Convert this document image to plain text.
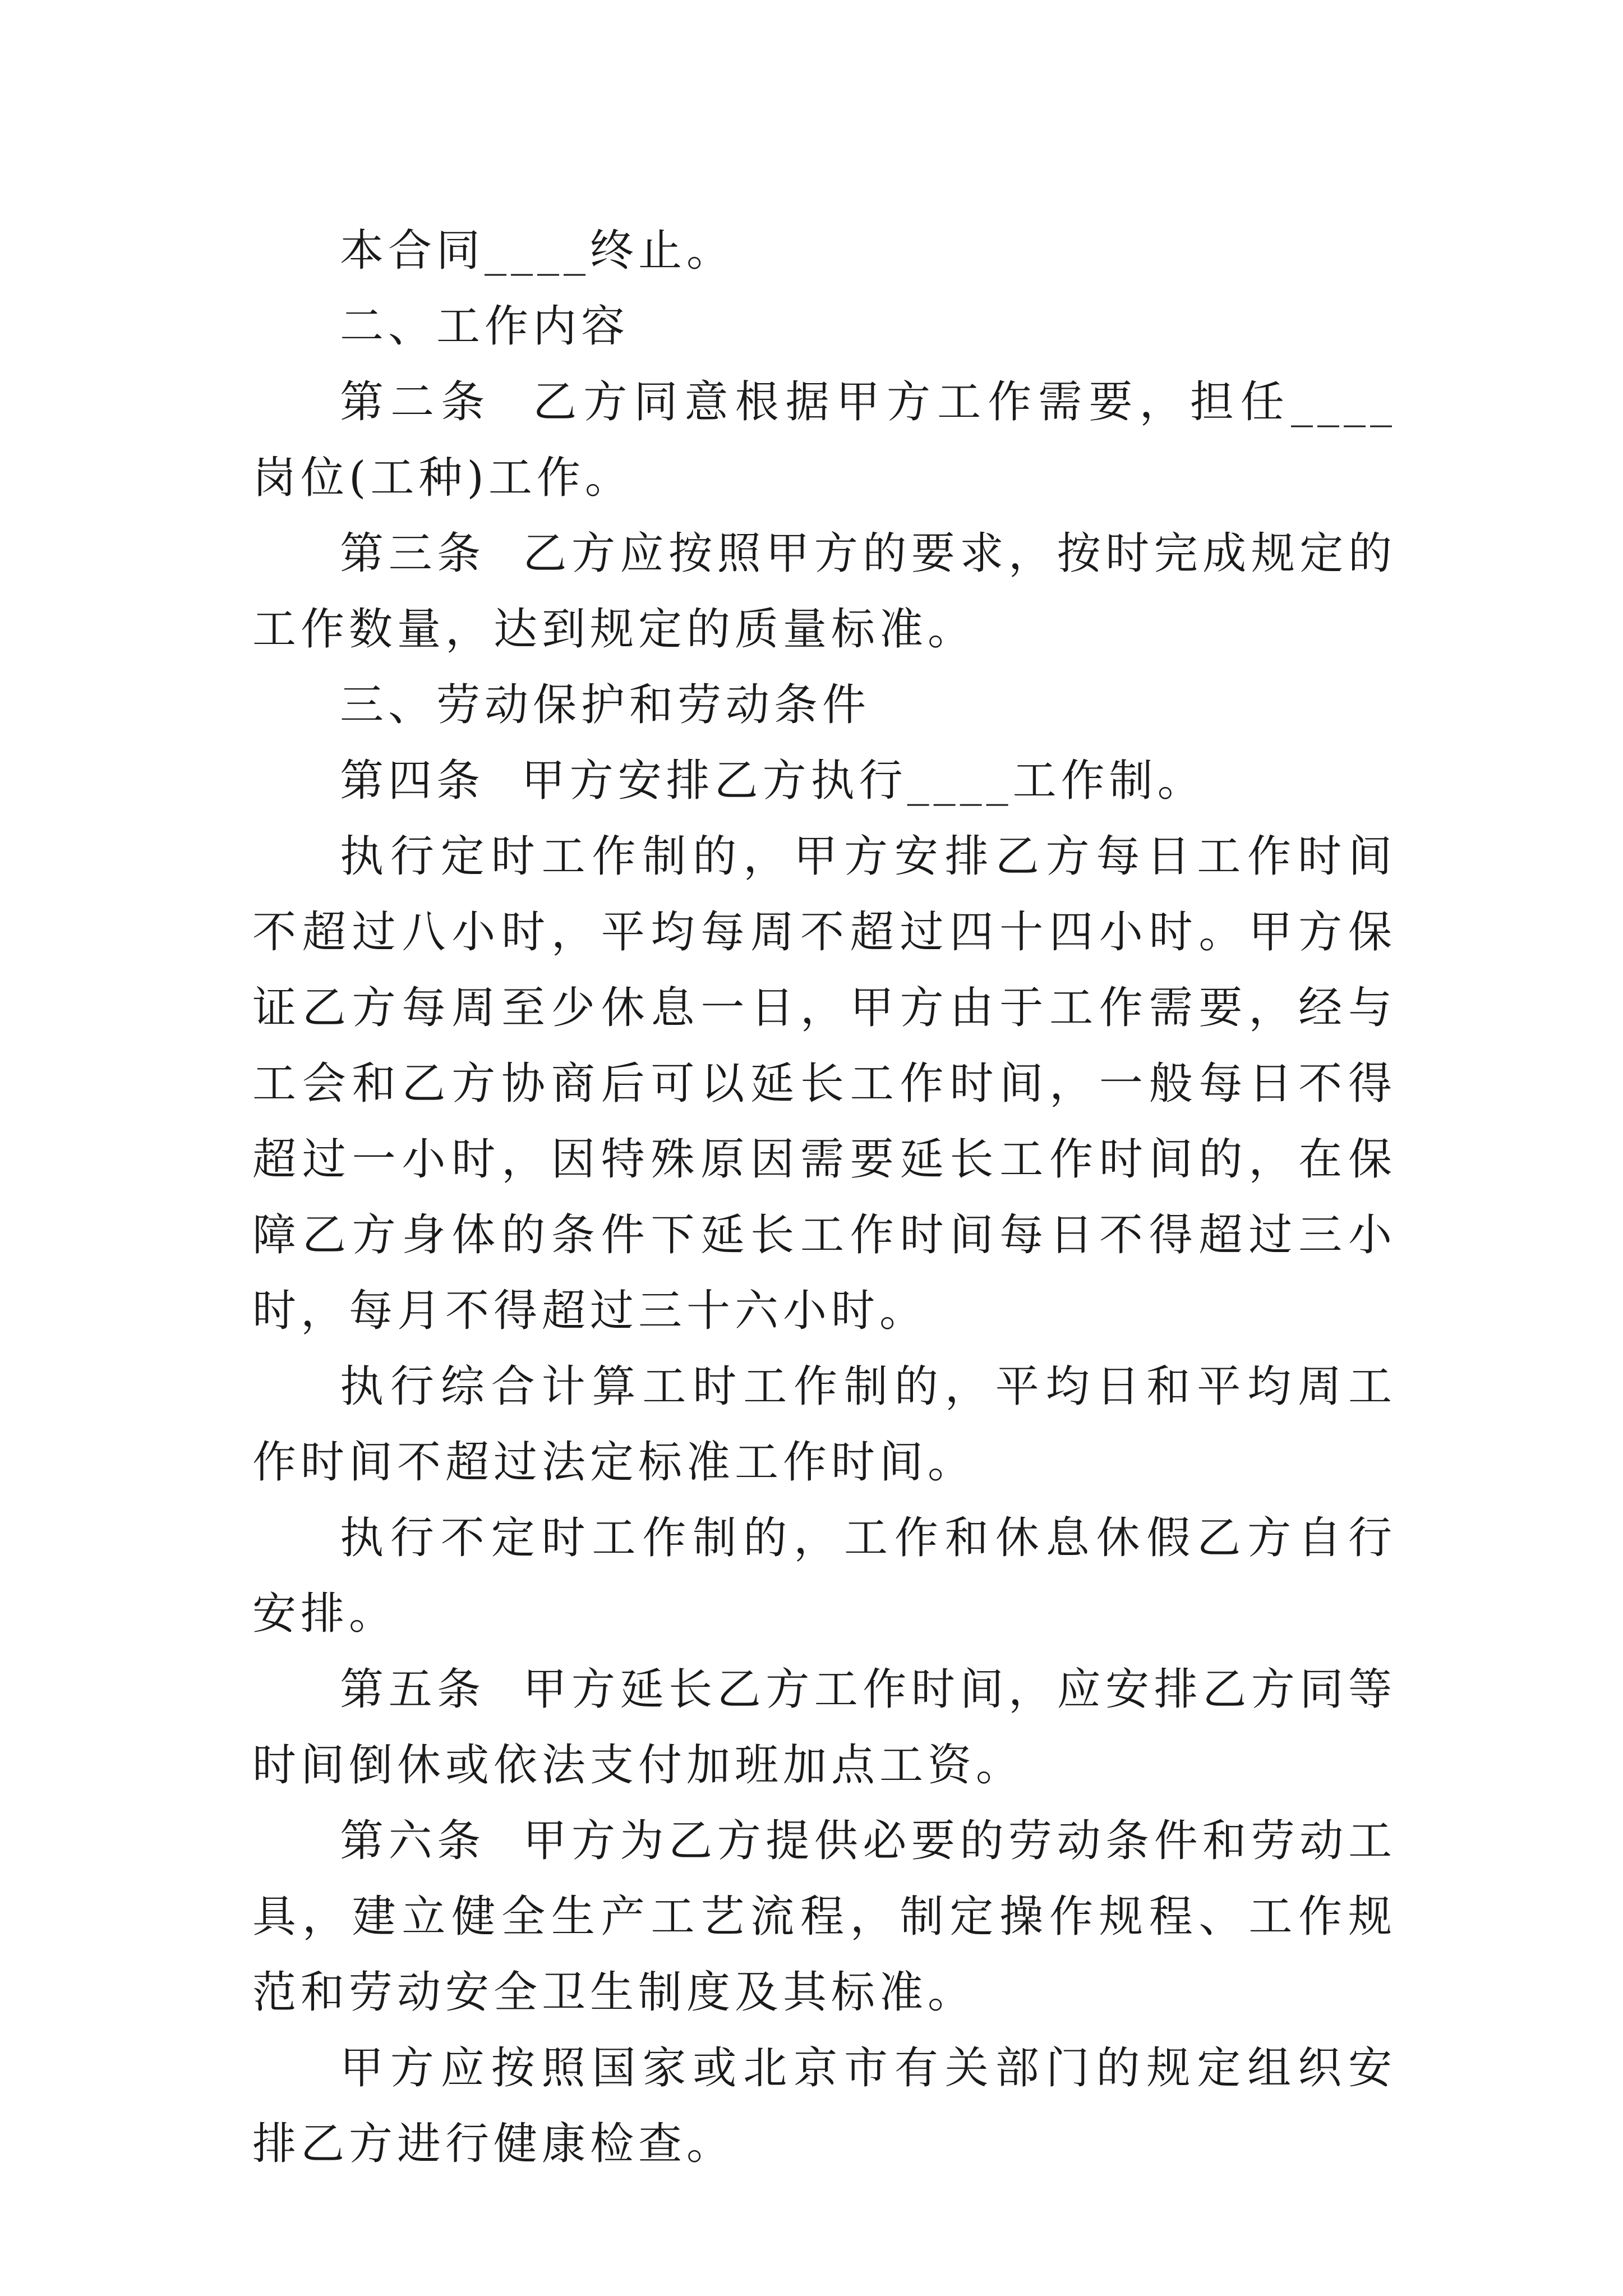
本合同____终止。

二、工作内容

第二条  乙方同意根据甲方工作需要，担任____岗位(工种)工作。

第三条  乙方应按照甲方的要求，按时完成规定的工作数量，达到规定的质量标准。

三、劳动保护和劳动条件

第四条  甲方安排乙方执行____工作制。

执行定时工作制的，甲方安排乙方每日工作时间不超过八小时，平均每周不超过四十四小时。甲方保证乙方每周至少休息一日，甲方由于工作需要，经与工会和乙方协商后可以延长工作时间，一般每日不得超过一小时，因特殊原因需要延长工作时间的，在保障乙方身体的条件下延长工作时间每日不得超过三小时，每月不得超过三十六小时。

执行综合计算工时工作制的，平均日和平均周工作时间不超过法定标准工作时间。

执行不定时工作制的，工作和休息休假乙方自行安排。

第五条  甲方延长乙方工作时间，应安排乙方同等时间倒休或依法支付加班加点工资。

第六条  甲方为乙方提供必要的劳动条件和劳动工具，建立健全生产工艺流程，制定操作规程、工作规范和劳动安全卫生制度及其标准。

甲方应按照国家或北京市有关部门的规定组织安排乙方进行健康检查。
